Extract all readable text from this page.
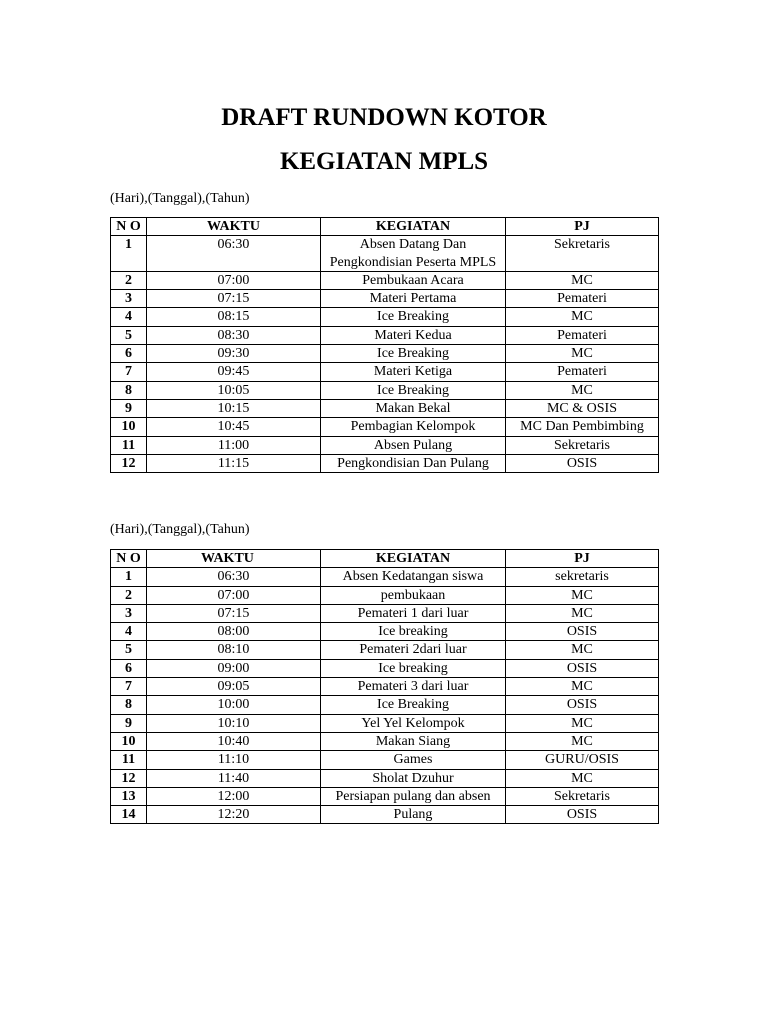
DRAFT RUNDOWN KOTOR
KEGIATAN MPLS
(Hari),(Tanggal),(Tahun)
N O	WAKTU	KEGIATAN	PJ
1	06:30	Absen Datang Dan Pengkondisian Peserta MPLS	Sekretaris
2	07:00	Pembukaan Acara	MC
3	07:15	Materi Pertama	Pemateri
4	08:15	Ice Breaking	MC
5	08:30	Materi Kedua	Pemateri
6	09:30	Ice Breaking	MC
7	09:45	Materi Ketiga	Pemateri
8	10:05	Ice Breaking	MC
9	10:15	Makan Bekal	MC & OSIS
10	10:45	Pembagian Kelompok	MC Dan Pembimbing
11	11:00	Absen Pulang	Sekretaris
12	11:15	Pengkondisian Dan Pulang	OSIS
(Hari),(Tanggal),(Tahun)
N O	WAKTU	KEGIATAN	PJ
1	06:30	Absen Kedatangan siswa	sekretaris
2	07:00	pembukaan	MC
3	07:15	Pemateri 1 dari luar	MC
4	08:00	Ice breaking	OSIS
5	08:10	Pemateri 2dari luar	MC
6	09:00	Ice breaking	OSIS
7	09:05	Pemateri 3 dari luar	MC
8	10:00	Ice Breaking	OSIS
9	10:10	Yel Yel Kelompok	MC
10	10:40	Makan Siang	MC
11	11:10	Games	GURU/OSIS
12	11:40	Sholat Dzuhur	MC
13	12:00	Persiapan pulang dan absen	Sekretaris
14	12:20	Pulang	OSIS
